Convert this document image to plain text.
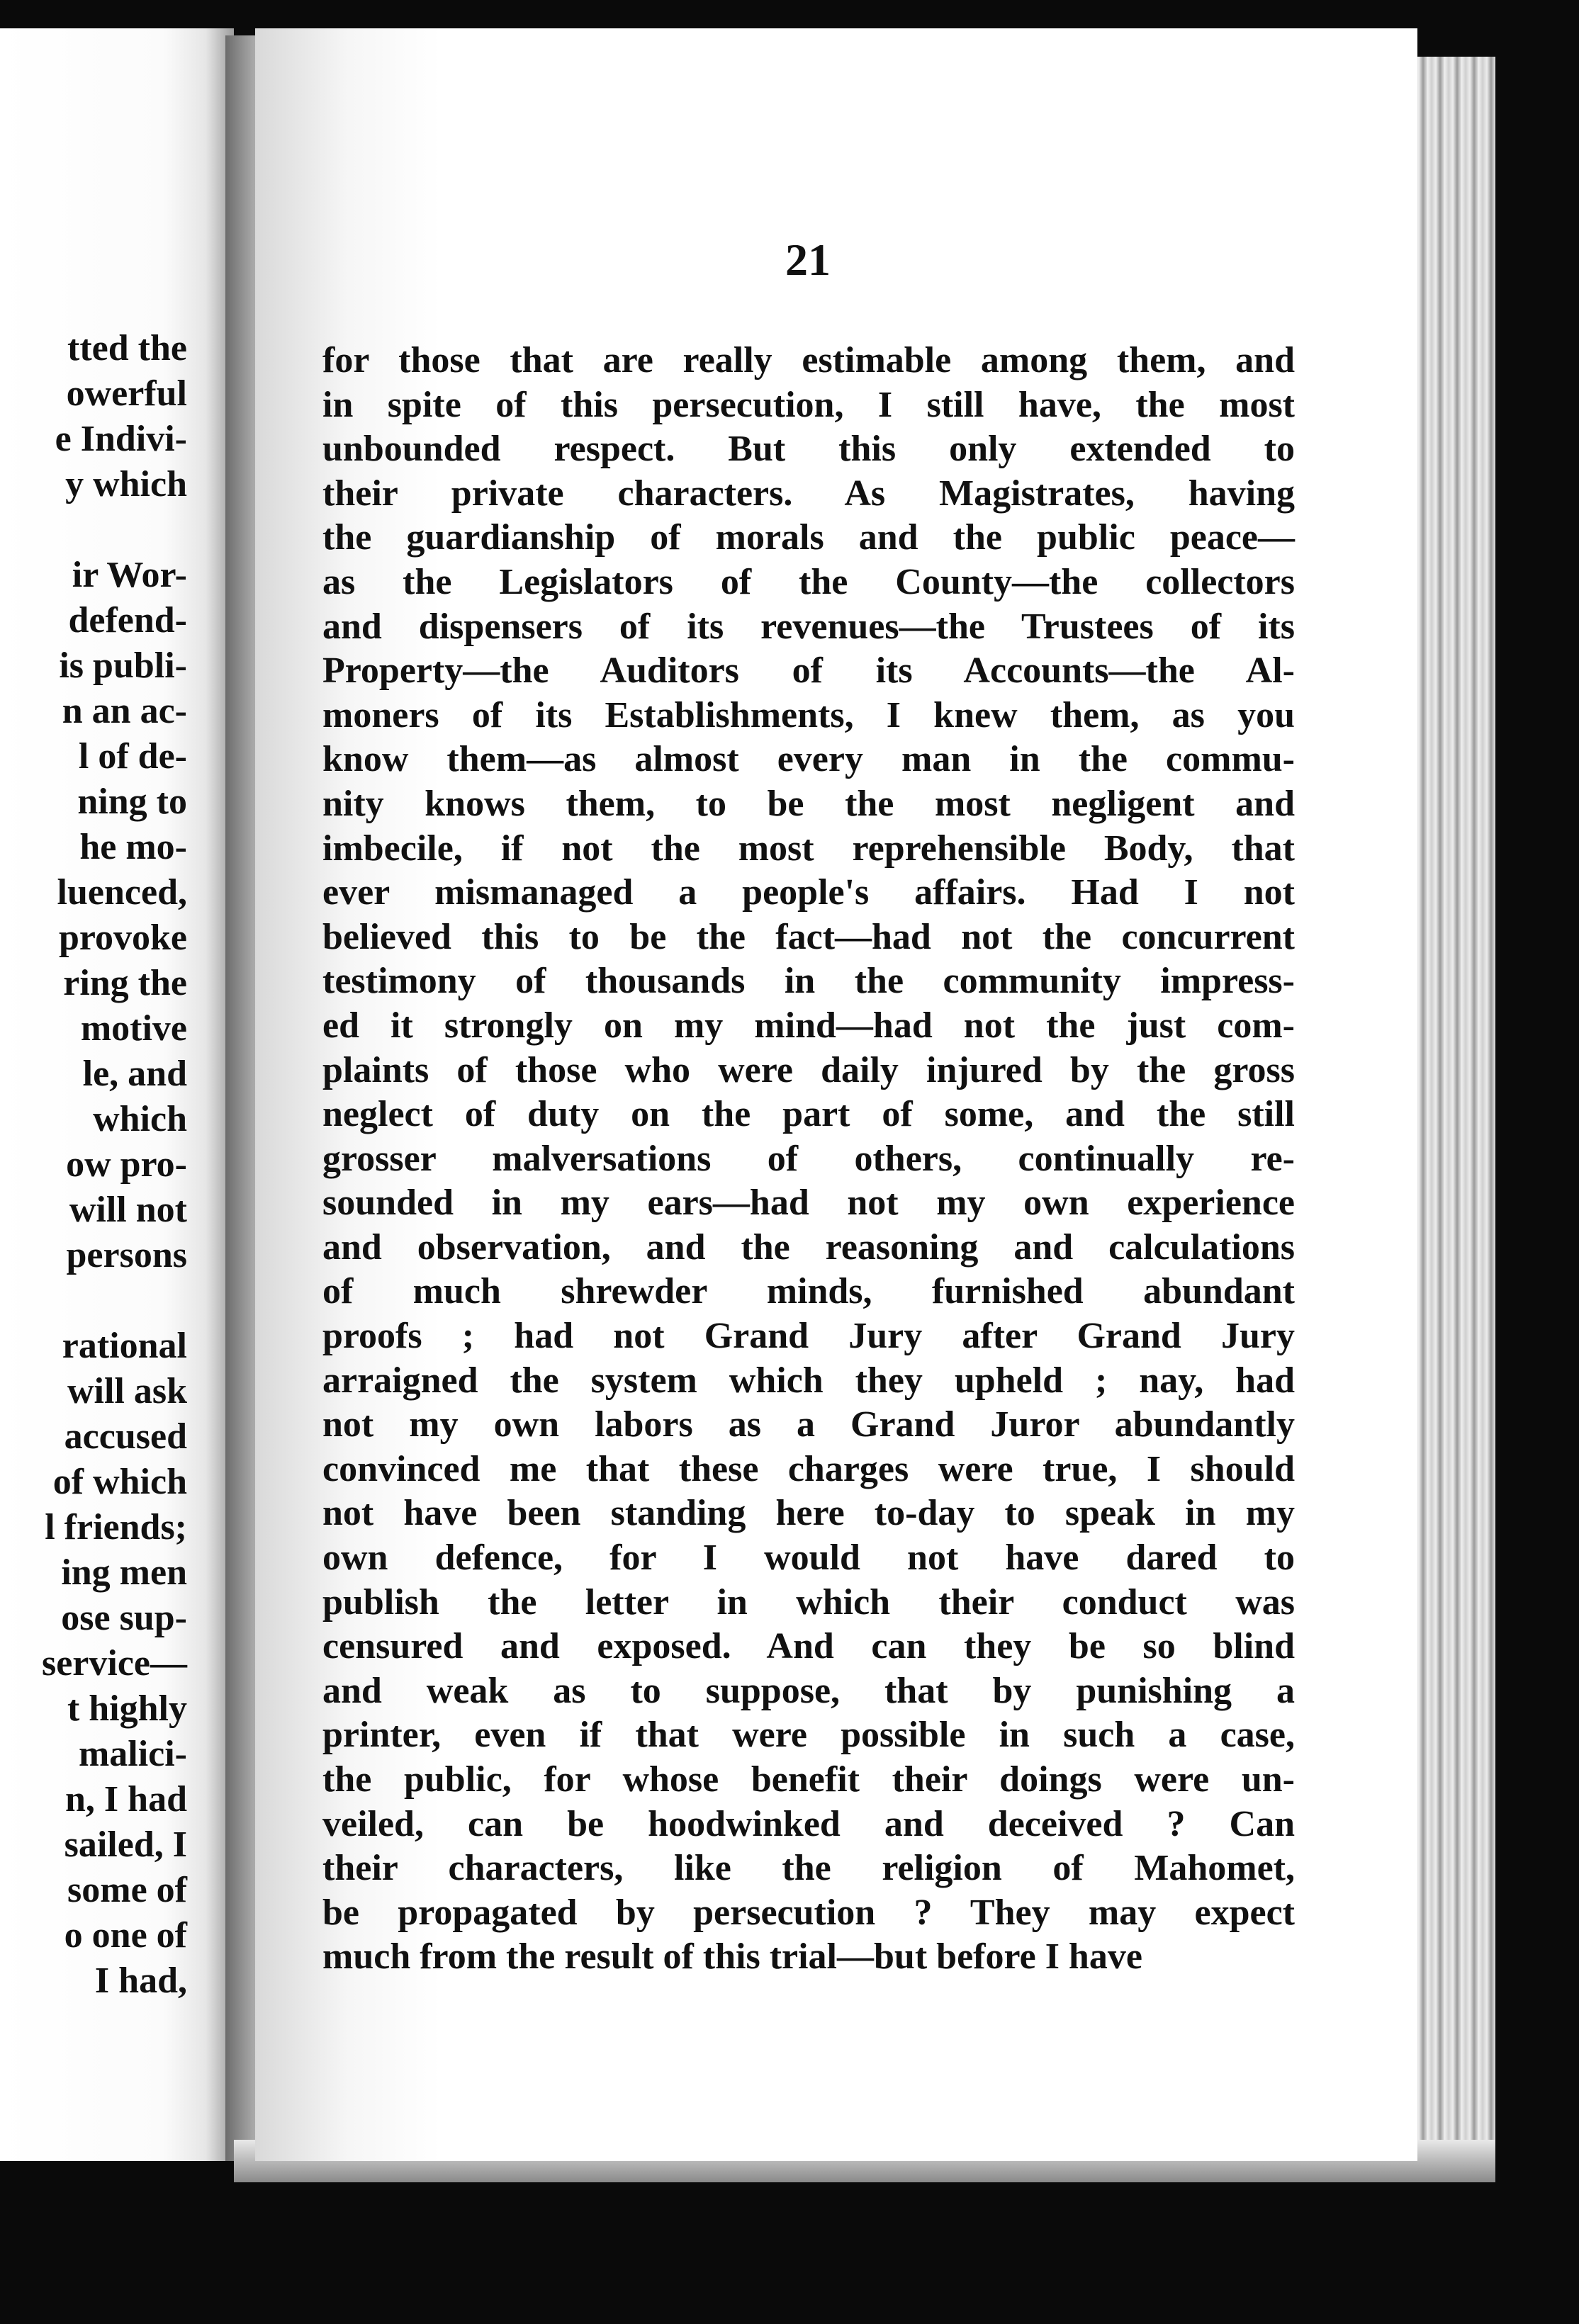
tted the
owerful
e Indivi-
y which
ir Wor-
defend-
is publi-
n an ac-
l of de-
ning to
he mo-
luenced,
provoke
ring the
motive
le, and
which
ow pro-
will not
persons
rational
will ask
accused
of which
l friends;
ing men
ose sup-
service—
t highly
malici-
n, I had
sailed, I
some of
o one of
I had,
21
for those that are really estimable among them, and
in spite of this persecution, I still have, the most
unbounded respect. But this only extended to
their private characters. As Magistrates, having
the guardianship of morals and the public peace—
as the Legislators of the County—the collectors
and dispensers of its revenues—the Trustees of its
Property—the Auditors of its Accounts—the Al-
moners of its Establishments, I knew them, as you
know them—as almost every man in the commu-
nity knows them, to be the most negligent and
imbecile, if not the most reprehensible Body, that
ever mismanaged a people's affairs. Had I not
believed this to be the fact—had not the concurrent
testimony of thousands in the community impress-
ed it strongly on my mind—had not the just com-
plaints of those who were daily injured by the gross
neglect of duty on the part of some, and the still
grosser malversations of others, continually re-
sounded in my ears—had not my own experience
and observation, and the reasoning and calculations
of much shrewder minds, furnished abundant
proofs ; had not Grand Jury after Grand Jury
arraigned the system which they upheld ; nay, had
not my own labors as a Grand Juror abundantly
convinced me that these charges were true, I should
not have been standing here to-day to speak in my
own defence, for I would not have dared to
publish the letter in which their conduct was
censured and exposed. And can they be so blind
and weak as to suppose, that by punishing a
printer, even if that were possible in such a case,
the public, for whose benefit their doings were un-
veiled, can be hoodwinked and deceived ? Can
their characters, like the religion of Mahomet,
be propagated by persecution ? They may expect
much from the result of this trial—but before I have
